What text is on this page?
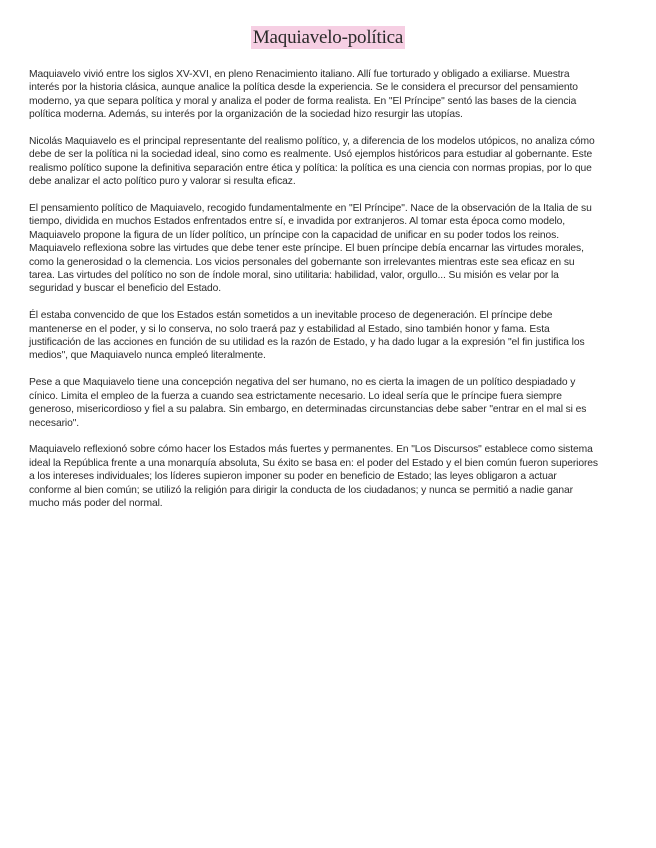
Maquiavelo-política

Maquiavelo vivió entre los siglos XV-XVI, en pleno Renacimiento italiano. Allí fue torturado y obligado a exiliarse. Muestra interés por la historia clásica, aunque analice la política desde la experiencia. Se le considera el precursor del pensamiento moderno, ya que separa política y moral y analiza el poder de forma realista. En "El Príncipe" sentó las bases de la ciencia política moderna. Además, su interés por la organización de la sociedad hizo resurgir las utopías.

Nicolás Maquiavelo es el principal representante del realismo político, y, a diferencia de los modelos utópicos, no analiza cómo debe de ser la política ni la sociedad ideal, sino como es realmente. Usó ejemplos históricos para estudiar al gobernante. Este realismo político supone la definitiva separación entre ética y política: la política es una ciencia con normas propias, por lo que debe analizar el acto político puro y valorar si resulta eficaz.

El pensamiento político de Maquiavelo, recogido fundamentalmente en "El Príncipe". Nace de la observación de la Italia de su tiempo, dividida en muchos Estados enfrentados entre sí, e invadida por extranjeros. Al tomar esta época como modelo, Maquiavelo propone la figura de un líder político, un príncipe con la capacidad de unificar en su poder todos los reinos.

Maquiavelo reflexiona sobre las virtudes que debe tener este príncipe. El buen príncipe debía encarnar las virtudes morales, como la generosidad o la clemencia. Los vicios personales del gobernante son irrelevantes mientras este sea eficaz en su tarea. Las virtudes del político no son de índole moral, sino utilitaria: habilidad, valor, orgullo... Su misión es velar por la seguridad y buscar el beneficio del Estado.

Él estaba convencido de que los Estados están sometidos a un inevitable proceso de degeneración. El príncipe debe mantenerse en el poder, y si lo conserva, no solo traerá paz y estabilidad al Estado, sino también honor y fama. Esta justificación de las acciones en función de su utilidad es la razón de Estado, y ha dado lugar a la expresión "el fin justifica los medios", que Maquiavelo nunca empleó literalmente.

Pese a que Maquiavelo tiene una concepción negativa del ser humano, no es cierta la imagen de un político despiadado y cínico. Limita el empleo de la fuerza a cuando sea estrictamente necesario. Lo ideal sería que le príncipe fuera siempre generoso, misericordioso y fiel a su palabra. Sin embargo, en determinadas circunstancias debe saber "entrar en el mal si es necesario".

Maquiavelo reflexionó sobre cómo hacer los Estados más fuertes y permanentes. En "Los Discursos" establece como sistema ideal la República frente a una monarquía absoluta, Su éxito se basa en: el poder del Estado y el bien común fueron superiores a los intereses individuales; los líderes supieron imponer su poder en beneficio de Estado; las leyes obligaron a actuar conforme al bien común; se utilizó la religión para dirigir la conducta de los ciudadanos; y nunca se permitió a nadie ganar mucho más poder del normal.
